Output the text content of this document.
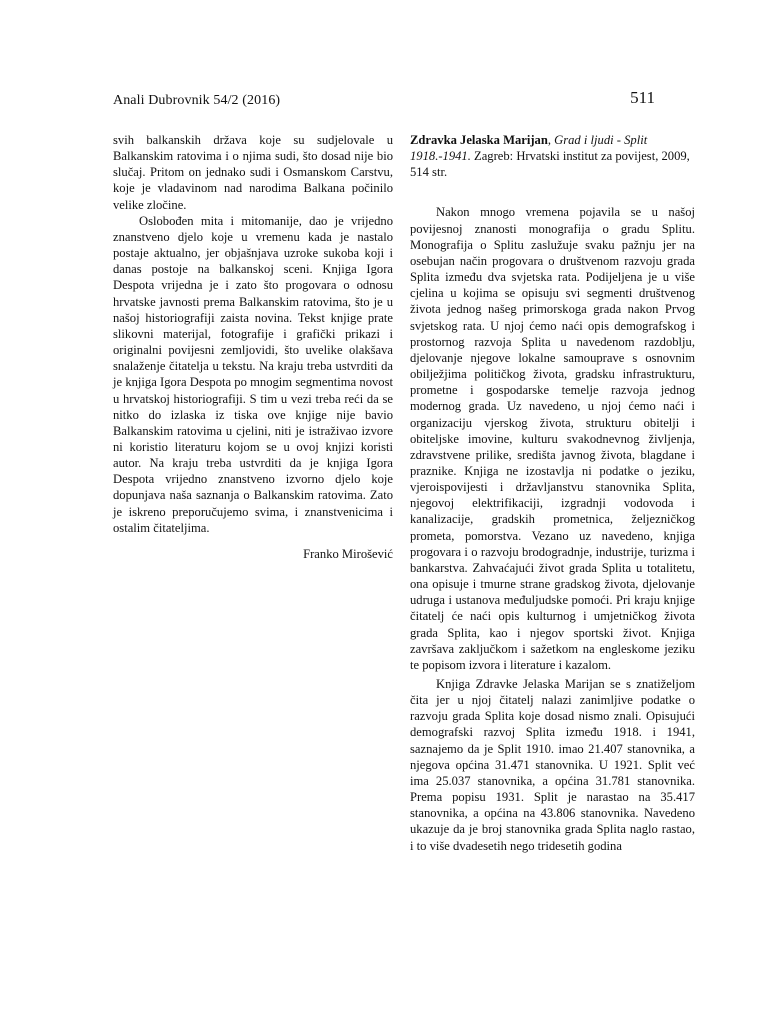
Anali Dubrovnik 54/2 (2016)	511

svih balkanskih država koje su sudjelovale u Balkanskim ratovima i o njima sudi, što dosad nije bio slučaj. Pritom on jednako sudi i Osmanskom Carstvu, koje je vladavinom nad narodima Balkana počinilo velike zločine.

Oslobođen mita i mitomanije, dao je vrijedno znanstveno djelo koje u vremenu kada je nastalo postaje aktualno, jer objašnjava uzroke sukoba koji i danas postoje na balkanskoj sceni. Knjiga Igora Despota vrijedna je i zato što progovara o odnosu hrvatske javnosti prema Balkanskim ratovima, što je u našoj historiografiji zaista novina. Tekst knjige prate slikovni materijal, fotografije i grafički prikazi i originalni povijesni zemljovidi, što uvelike olakšava snalaženje čitatelja u tekstu. Na kraju treba ustvrditi da je knjiga Igora Despota po mnogim segmentima novost u hrvatskoj historiografiji. S tim u vezi treba reći da se nitko do izlaska iz tiska ove knjige nije bavio Balkanskim ratovima u cjelini, niti je istraživao izvore ni koristio literaturu kojom se u ovoj knjizi koristi autor. Na kraju treba ustvrditi da je knjiga Igora Despota vrijedno znanstveno izvorno djelo koje dopunjava naša saznanja o Balkanskim ratovima. Zato je iskreno preporučujemo svima, i znanstvenicima i ostalim čitateljima.

Franko Mirošević

Zdravka Jelaska Marijan, Grad i ljudi - Split 1918.-1941. Zagreb: Hrvatski institut za povijest, 2009, 514 str.

Nakon mnogo vremena pojavila se u našoj povijesnoj znanosti monografija o gradu Splitu. Monografija o Splitu zaslužuje svaku pažnju jer na osebujan način progovara o društvenom razvoju grada Splita između dva svjetska rata. Podijeljena je u više cjelina u kojima se opisuju svi segmenti društvenog života jednog našeg primorskoga grada nakon Prvog svjetskog rata. U njoj ćemo naći opis demografskog i prostornog razvoja Splita u navedenom razdoblju, djelovanje njegove lokalne samouprave s osnovnim obilježjima političkog života, gradsku infrastrukturu, prometne i gospodarske temelje razvoja jednog modernog grada. Uz navedeno, u njoj ćemo naći i organizaciju vjerskog života, strukturu obitelji i obiteljske imovine, kulturu svakodnevnog življenja, zdravstvene prilike, središta javnog života, blagdane i praznike. Knjiga ne izostavlja ni podatke o jeziku, vjeroispovijesti i državljanstvu stanovnika Splita, njegovoj elektrifikaciji, izgradnji vodovoda i kanalizacije, gradskih prometnica, željezničkog prometa, pomorstva. Vezano uz navedeno, knjiga progovara i o razvoju brodogradnje, industrije, turizma i bankarstva. Zahvaćajući život grada Splita u totalitetu, ona opisuje i tmurne strane gradskog života, djelovanje udruga i ustanova međuljudske pomoći. Pri kraju knjige čitatelj će naći opis kulturnog i umjetničkog života grada Splita, kao i njegov sportski život. Knjiga završava zaključkom i sažetkom na engleskome jeziku te popisom izvora i literature i kazalom.

Knjiga Zdravke Jelaska Marijan se s znatiželjom čita jer u njoj čitatelj nalazi zanimljive podatke o razvoju grada Splita koje dosad nismo znali. Opisujući demografski razvoj Splita između 1918. i 1941, saznajemo da je Split 1910. imao 21.407 stanovnika, a njegova općina 31.471 stanovnika. U 1921. Split već ima 25.037 stanovnika, a općina 31.781 stanovnika. Prema popisu 1931. Split je narastao na 35.417 stanovnika, a općina na 43.806 stanovnika. Navedeno ukazuje da je broj stanovnika grada Splita naglo rastao, i to više dvadesetih nego tridesetih godina
